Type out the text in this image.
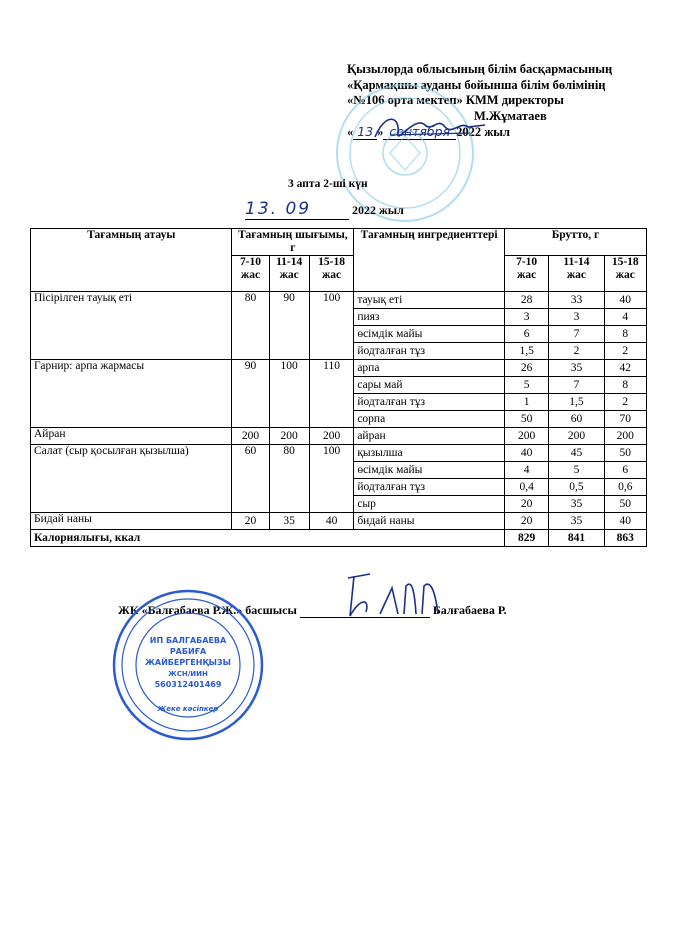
Қызылорда облысының білім басқармасының
«Қармақшы ауданы бойынша білім бөлімінің
«№106 орта мектеп» КММ директоры
М.Жұматаев
« 13 » сентября 2022 жыл
3 апта 2-ші күн
13. 09	2022 жыл
Тағамның атауы	Тағамның шығымы, г			Тағамның ингредиенттері	Брутто, г		
	7-10 жас	11-14 жас	15-18 жас		7-10 жас	11-14 жас	15-18 жас
Пісірілген тауық еті	80	90	100	тауық еті	28	33	40
				пияз	3	3	4
				өсімдік майы	6	7	8
				йодталған тұз	1,5	2	2
Гарнир: арпа жармасы	90	100	110	арпа	26	35	42
				сары май	5	7	8
				йодталған тұз	1	1,5	2
				сорпа	50	60	70
Айран	200	200	200	айран	200	200	200
Салат (сыр қосылған қызылша)	60	80	100	қызылша	40	45	50
				өсімдік майы	4	5	6
				йодталған тұз	0,4	0,5	0,6
				сыр	20	35	50
Бидай наны	20	35	40	бидай наны	20	35	40
Калориялығы, ккал					829	841	863
ЖК «Балғабаева Р.Ж.» басшысы	Балғабаева Р.
ИП БАЛГАБАЕВА
РАБИҒА
ЖАЙБЕРГЕНҚЫЗЫ
ЖСН/ИИН
560312401469
Жеке кәсіпкер
